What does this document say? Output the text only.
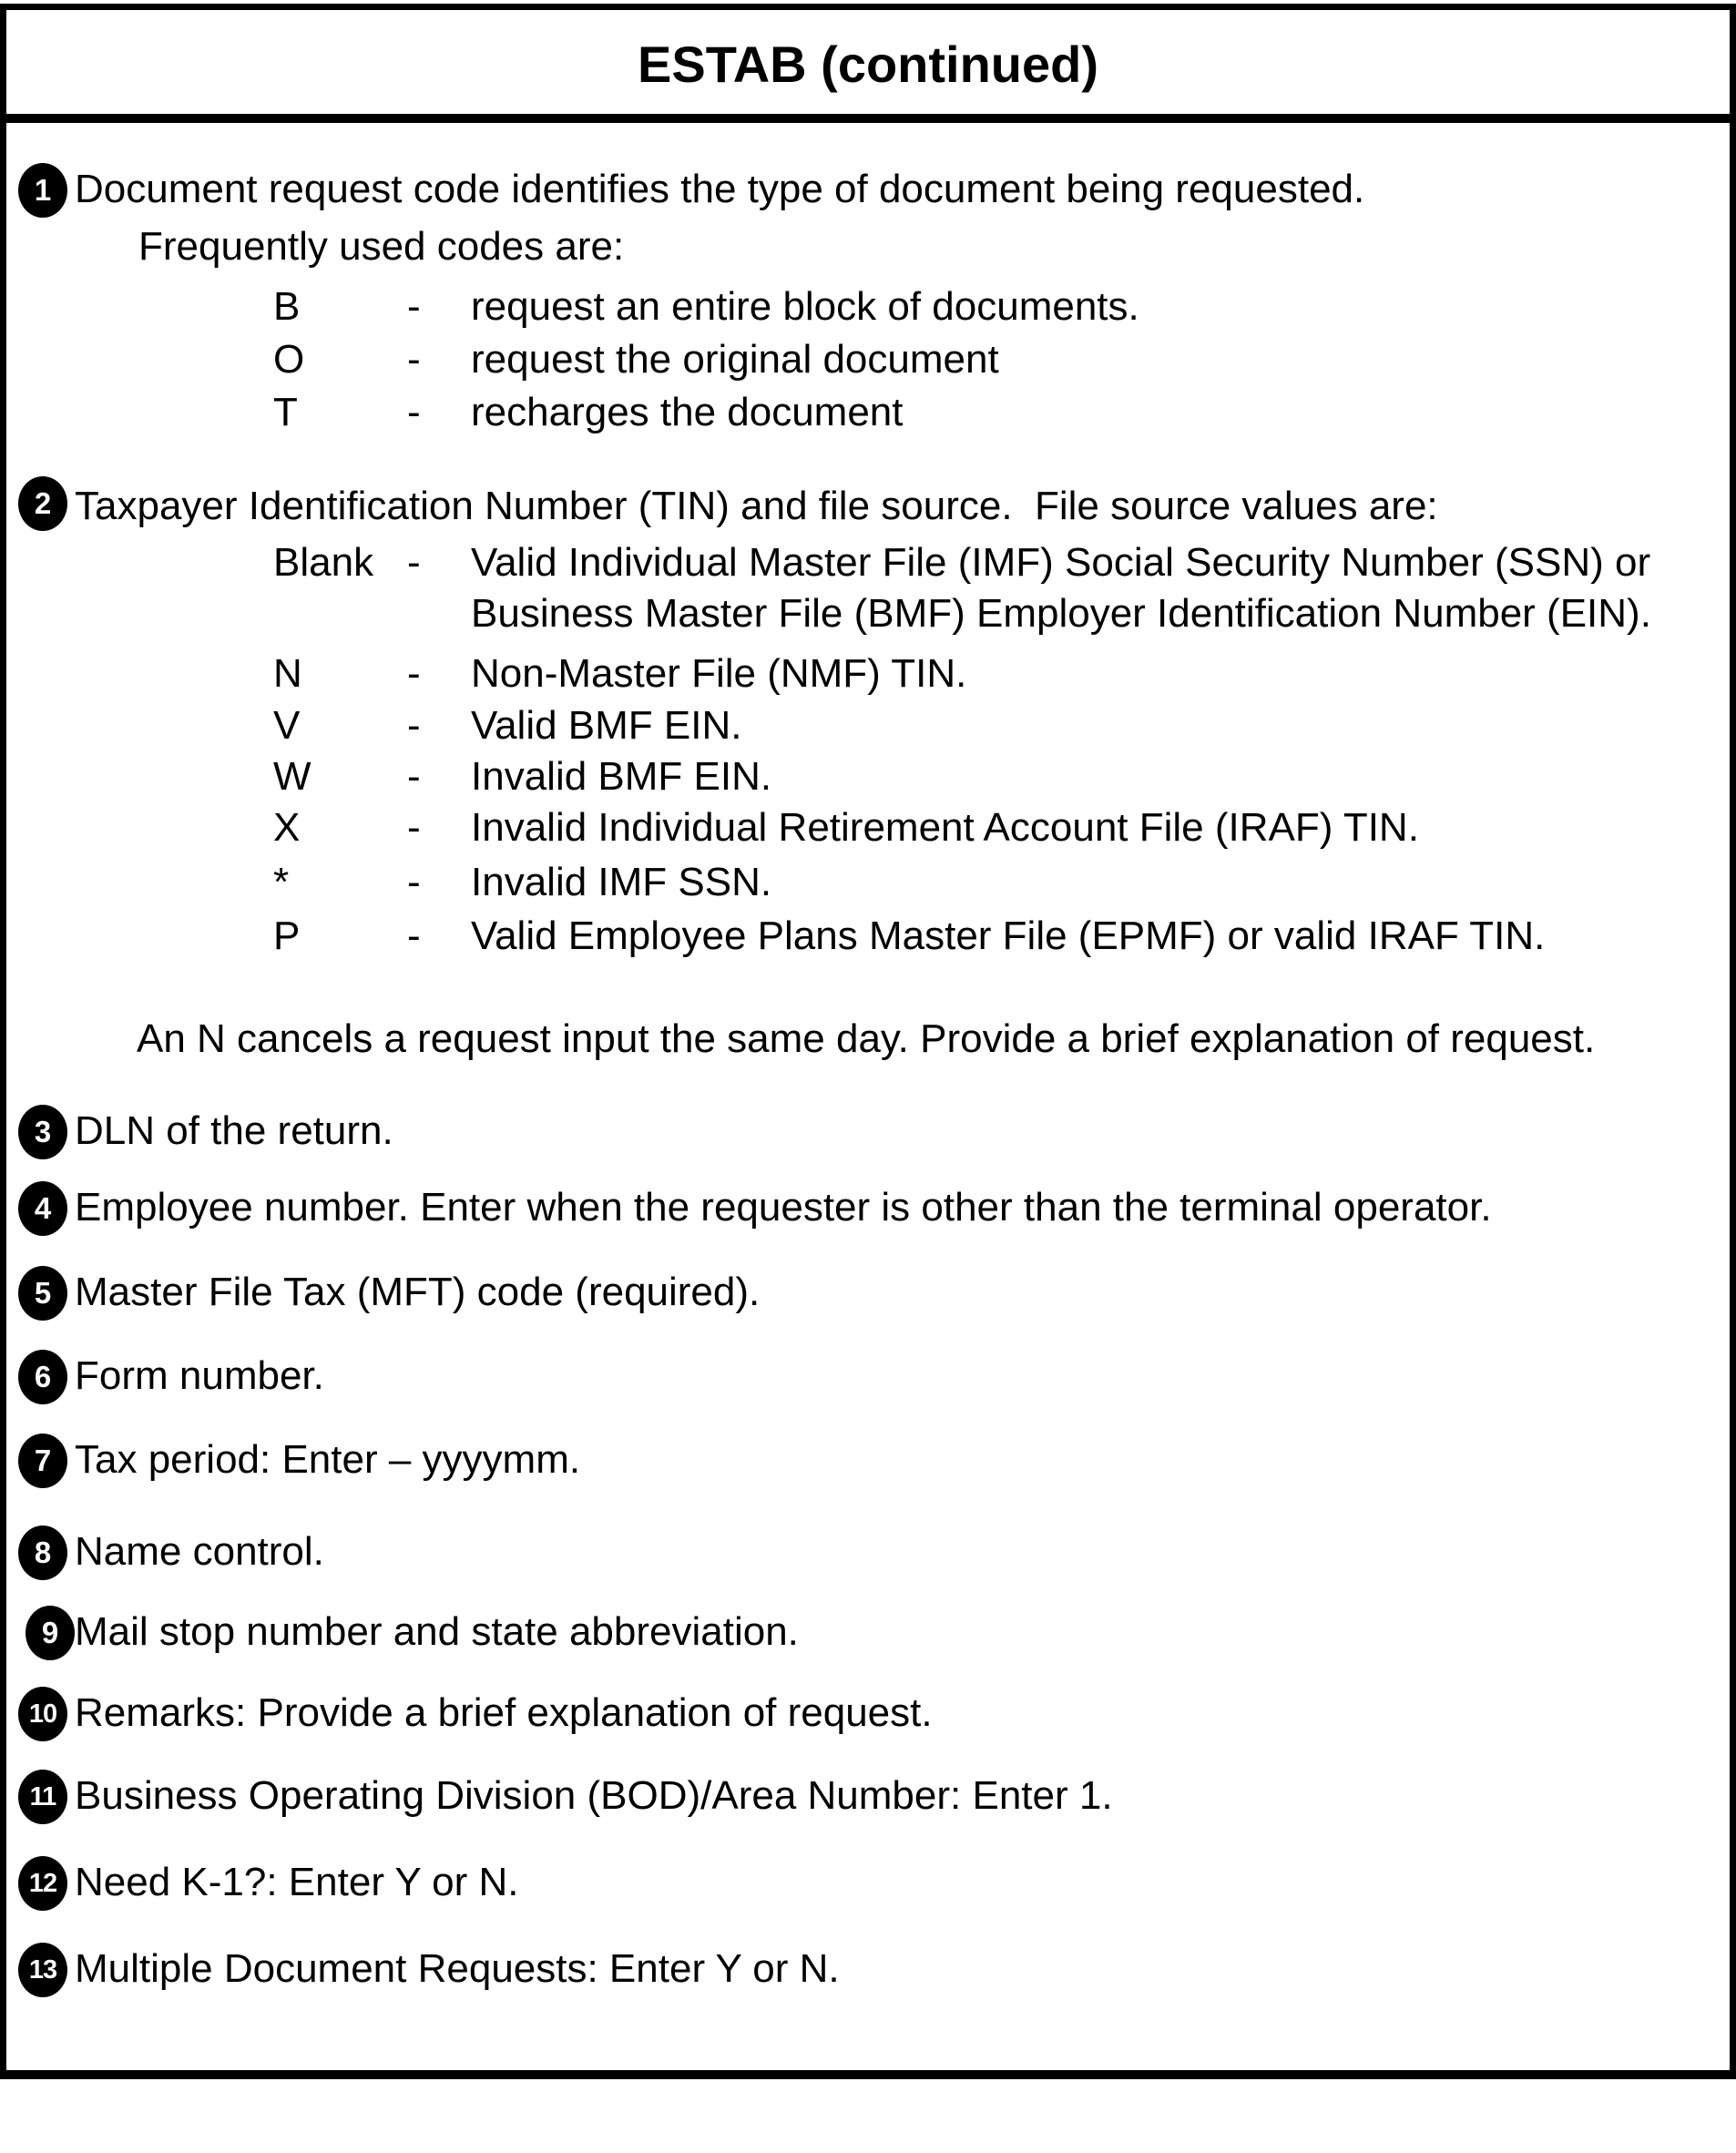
ESTAB (continued)
1 Document request code identifies the type of document being requested.
Frequently used codes are:
B	- request an entire block of documents.
O	- request the original document
T	- recharges the document
2 Taxpayer Identification Number (TIN) and file source.  File source values are:
Blank - Valid Individual Master File (IMF) Social Security Number (SSN) or
Business Master File (BMF) Employer Identification Number (EIN).
N	- Non-Master File (NMF) TIN.
V	- Valid BMF EIN.
W - Invalid BMF EIN.
X	- Invalid Individual Retirement Account File (IRAF) TIN.
*	- Invalid IMF SSN.
P	- Valid Employee Plans Master File (EPMF) or valid IRAF TIN.
An N cancels a request input the same day. Provide a brief explanation of request.
3 DLN of the return.
4 Employee number. Enter when the requester is other than the terminal operator.
5 Master File Tax (MFT) code (required).
6 Form number.
7 Tax period: Enter – yyyymm.
8 Name control.
9 Mail stop number and state abbreviation.
10 Remarks: Provide a brief explanation of request.
11 Business Operating Division (BOD)/Area Number: Enter 1.
12 Need K-1?: Enter Y or N.
13 Multiple Document Requests: Enter Y or N.
